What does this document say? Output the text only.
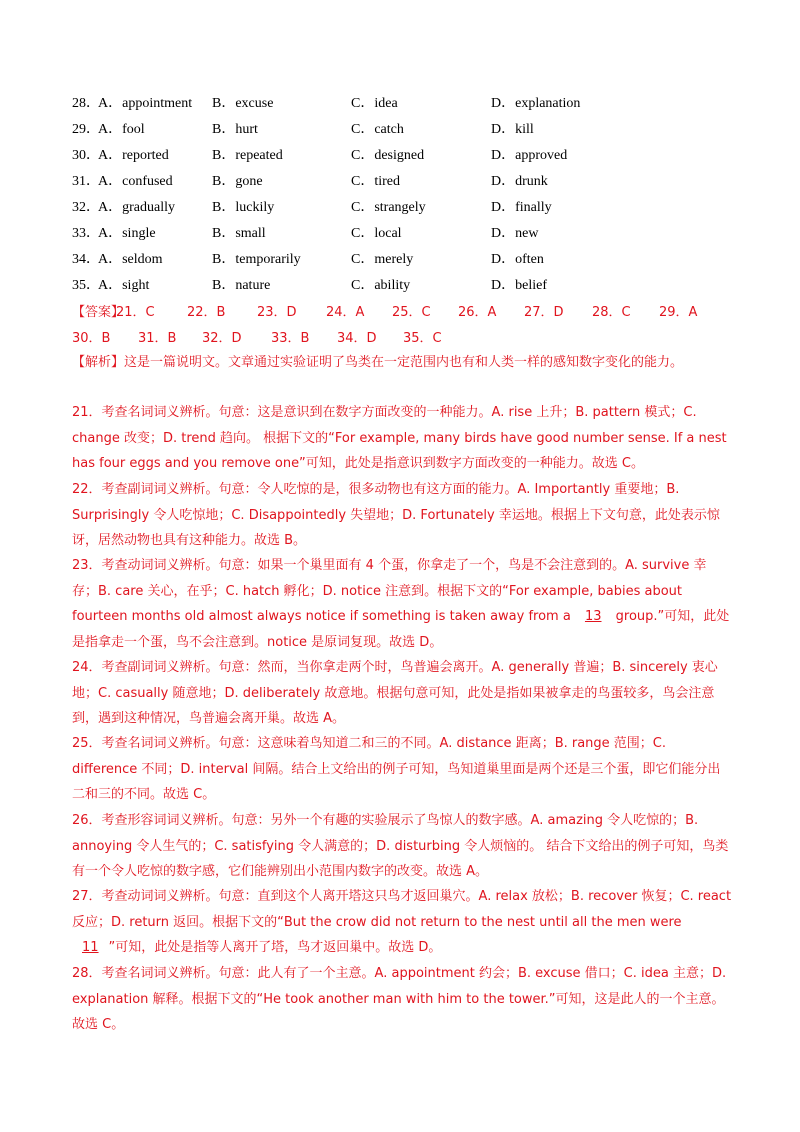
28．
A．appointment B．excuse	C．idea	D．explanation
29．
A．fool	B．hurt	C．catch	D．kill
30．
A．reported	B．repeated	C．designed	D．approved
31．
A．confused	B．gone	C．tired	D．drunk
32．
A．gradually	B．luckily	C．strangely	D．finally
33．
A．single	B．small	C．local	D．new
34．
A．seldom	B．temporarily	C．merely	D．often
35．
A．sight	B．nature	C．ability	D．belief
【答案】
21．C 22．B 23．D 24．A 25．C 26．A 27．D 28．C 29．A
30．B 31．B 32．D 33．B 34．D 35．C
【解析】这是一篇说明文。文章通过实验证明了鸟类在一定范围内也有和人类一样的感知数字变化的能力。
21．考查名词词义辨析。句意：这是意识到在数字方面改变的一种能力。A. rise 上升；B. pattern 模式；C. change 改变；D. trend 趋向。 根据下文的“For example, many birds have good number sense. If a nest has four eggs and you remove one”可知，此处是指意识到数字方面改变的一种能力。故选 C。
22．考查副词词义辨析。句意：令人吃惊的是，很多动物也有这方面的能力。A. Importantly 重要地；B. Surprisingly 令人吃惊地；C. Disappointedly 失望地；D. Fortunately 幸运地。根据上下文句意，此处表示惊讶，居然动物也具有这种能力。故选 B。
23．考查动词词义辨析。句意：如果一个巢里面有 4 个蛋，你拿走了一个，鸟是不会注意到的。A. survive 幸存；B. care 关心，在乎；C. hatch 孵化；D. notice 注意到。根据下文的“For example, babies about fourteen months old almost always notice if something is taken away from a 13 group.”可知，此处是指拿走一个蛋，鸟不会注意到。notice 是原词复现。故选 D。
24．考查副词词义辨析。句意：然而，当你拿走两个时，鸟普遍会离开。A. generally 普遍；B. sincerely 衷心地；C. casually 随意地；D. deliberately 故意地。根据句意可知，此处是指如果被拿走的鸟蛋较多，鸟会注意到，遇到这种情况，鸟普遍会离开巢。故选 A。
25．考查名词词义辨析。句意：这意味着鸟知道二和三的不同。A. distance 距离；B. range 范围；C. difference 不同；D. interval 间隔。结合上文给出的例子可知，鸟知道巢里面是两个还是三个蛋，即它们能分出二和三的不同。故选 C。
26．考查形容词词义辨析。句意：另外一个有趣的实验展示了鸟惊人的数字感。A. amazing 令人吃惊的；B. annoying 令人生气的；C. satisfying 令人满意的；D. disturbing 令人烦恼的。 结合下文给出的例子可知，鸟类有一个令人吃惊的数字感，它们能辨别出小范围内数字的改变。故选 A。
27．考查动词词义辨析。句意：直到这个人离开塔这只鸟才返回巢穴。A. relax 放松；B. recover 恢复；C. react 反应；D. return 返回。根据下文的“But the crow did not return to the nest until all the men were 11 ”可知，此处是指等人离开了塔，鸟才返回巢中。故选 D。
28．考查名词词义辨析。句意：此人有了一个主意。A. appointment 约会；B. excuse 借口；C. idea 主意；D. explanation 解释。根据下文的“He took another man with him to the tower.”可知，这是此人的一个主意。故选 C。
